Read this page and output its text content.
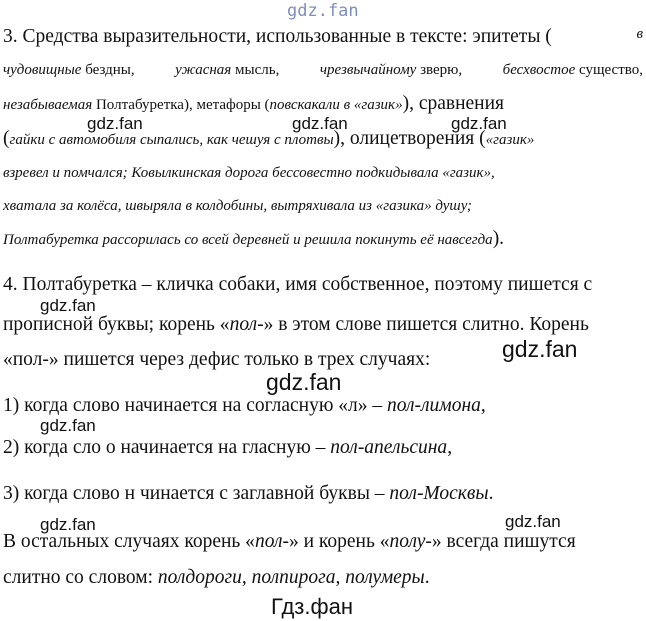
gdz.fan
gdz.fan	gdz.fan	gdz.fan
gdz.fan
gdz.fan
gdz.fan
gdz.fan
gdz.fan	gdz.fan
Гдз.фан
3. Средства выразительности, использованные в тексте: эпитеты (	в
чудовищные бездны,	ужасная мысль,	чрезвычайному зверю,	бесхвостое существо,
незабываемая Полтабуретка), метафоры (повскакали в «газик»), сравнения
(гайки с автомобиля сыпались, как чешуя с плотвы), олицетворения («газик»
взревел и помчался; Ковылкинская дорога бессовестно подкидывала «газик»,
хватала за колёса, швыряла в колдобины, вытряхивала из «газика» душу;
Полтабуретка рассорилась со всей деревней и решила покинуть её навсегда).
4. Полтабуретка – кличка собаки, имя собственное, поэтому пишется с
прописной буквы; корень «пол-» в этом слове пишется слитно. Корень
«пол-» пишется через дефис только в трех случаях:
1) когда слово начинается на согласную «л» – пол-лимона,
2) когда сло о начинается на гласную – пол-апельсина,
3) когда слово н чинается с заглавной буквы – пол-Москвы.
В остальных случаях корень «пол-» и корень «полу-» всегда пишутся
слитно со словом: полдороги, полпирога, полумеры.
